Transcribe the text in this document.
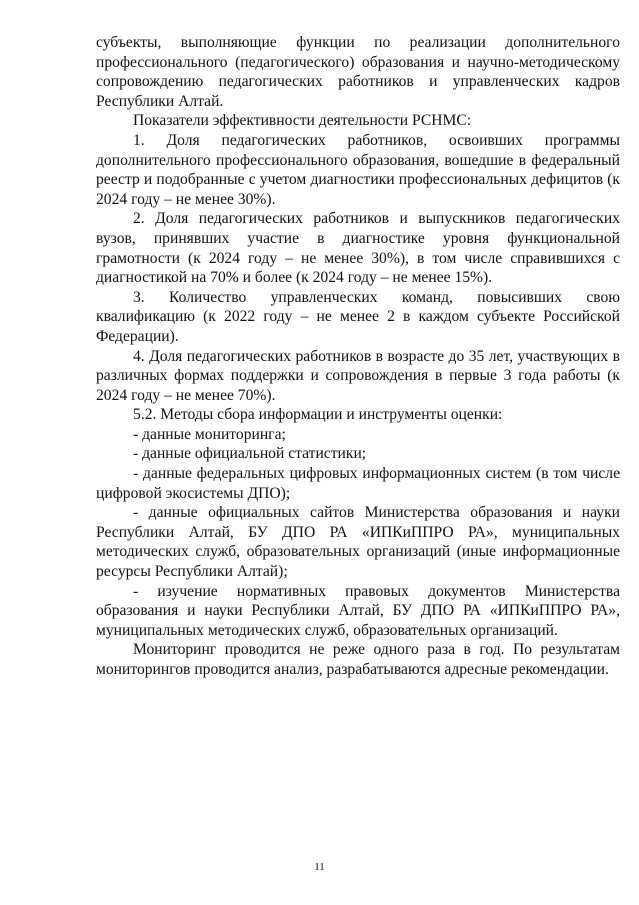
субъекты, выполняющие функции по реализации дополнительного профессионального (педагогического) образования и научно-методическому сопровождению педагогических работников и управленческих кадров Республики Алтай.

Показатели эффективности деятельности РСНМС:

1. Доля педагогических работников, освоивших программы дополнительного профессионального образования, вошедшие в федеральный реестр и подобранные с учетом диагностики профессиональных дефицитов (к 2024 году – не менее 30%).

2. Доля педагогических работников и выпускников педагогических вузов, принявших участие в диагностике уровня функциональной грамотности (к 2024 году – не менее 30%), в том числе справившихся с диагностикой на 70% и более (к 2024 году – не менее 15%).

3. Количество управленческих команд, повысивших свою квалификацию (к 2022 году – не менее 2 в каждом субъекте Российской Федерации).

4. Доля педагогических работников в возрасте до 35 лет, участвующих в различных формах поддержки и сопровождения в первые 3 года работы (к 2024 году – не менее 70%).

5.2. Методы сбора информации и инструменты оценки:

- данные мониторинга;

- данные официальной статистики;

- данные федеральных цифровых информационных систем (в том числе цифровой экосистемы ДПО);

- данные официальных сайтов Министерства образования и науки Республики Алтай, БУ ДПО РА «ИПКиППРО РА», муниципальных методических служб, образовательных организаций (иные информационные ресурсы Республики Алтай);

- изучение нормативных правовых документов Министерства образования и науки Республики Алтай, БУ ДПО РА «ИПКиППРО РА», муниципальных методических служб, образовательных организаций.

Мониторинг проводится не реже одного раза в год. По результатам мониторингов проводится анализ, разрабатываются адресные рекомендации.

11
